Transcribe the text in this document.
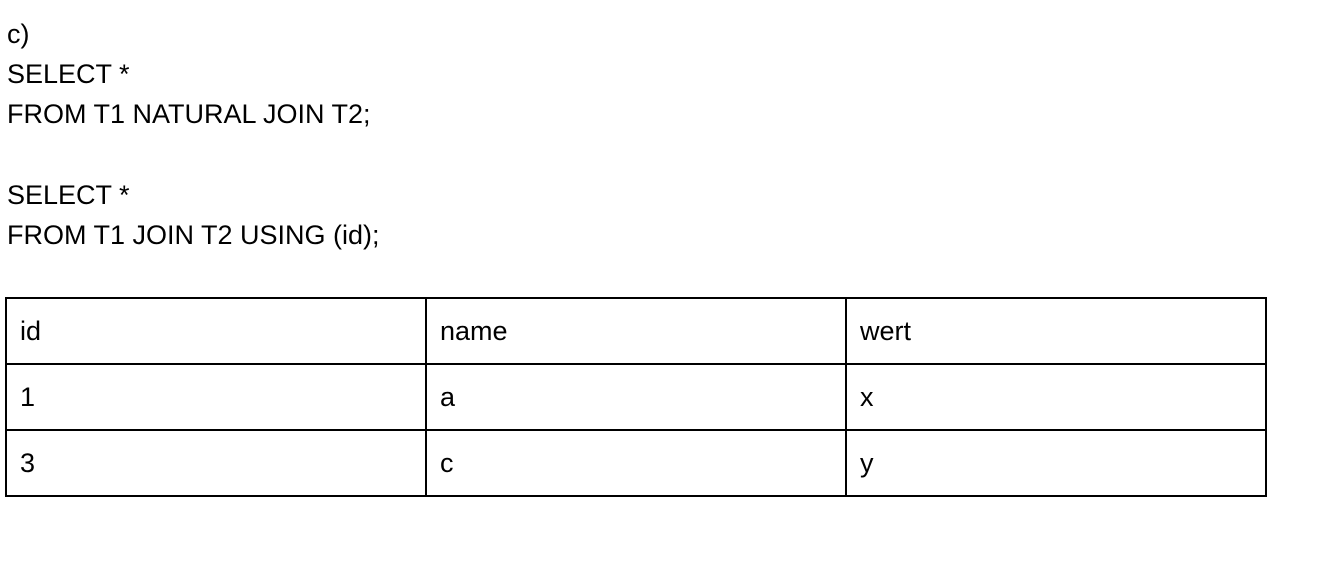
c)

SELECT *

FROM T1 NATURAL JOIN T2;

SELECT *

FROM T1 JOIN T2 USING (id);

id	name	wert
1	a	x
3	c	y
